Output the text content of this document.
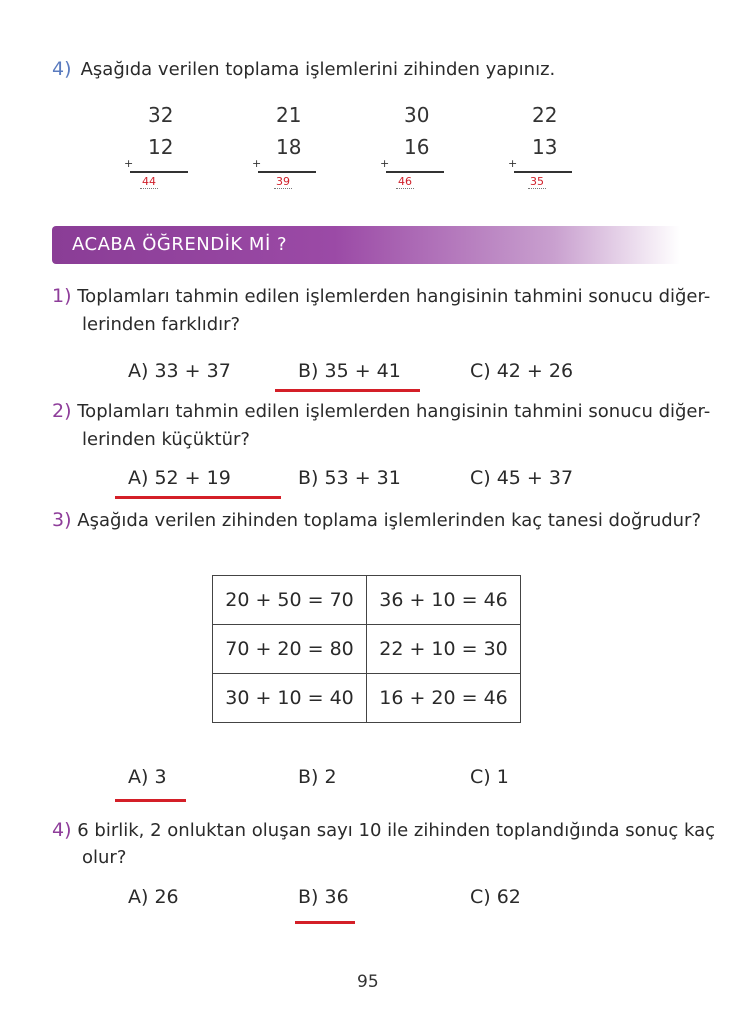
4) Aşağıda verilen toplama işlemlerini zihinden yapınız.
32
12
+
44
21
18
+
39
30
16
+
46
22
13
+
35
ACABA ÖĞRENDİK Mİ ?
1) Toplamları tahmin edilen işlemlerden hangisinin tahmini sonucu diğer-
lerinden farklıdır?
A) 33 + 37	B) 35 + 41	C) 42 + 26
2) Toplamları tahmin edilen işlemlerden hangisinin tahmini sonucu diğer-
lerinden küçüktür?
A) 52 + 19	B) 53 + 31	C) 45 + 37
3) Aşağıda verilen zihinden toplama işlemlerinden kaç tanesi doğrudur?
20 + 50 = 70	36 + 10 = 46
70 + 20 = 80	22 + 10 = 30
30 + 10 = 40	16 + 20 = 46
A) 3	B) 2	C) 1
4) 6 birlik, 2 onluktan oluşan sayı 10 ile zihinden toplandığında sonuç kaç
olur?
A) 26	B) 36	C) 62
95
